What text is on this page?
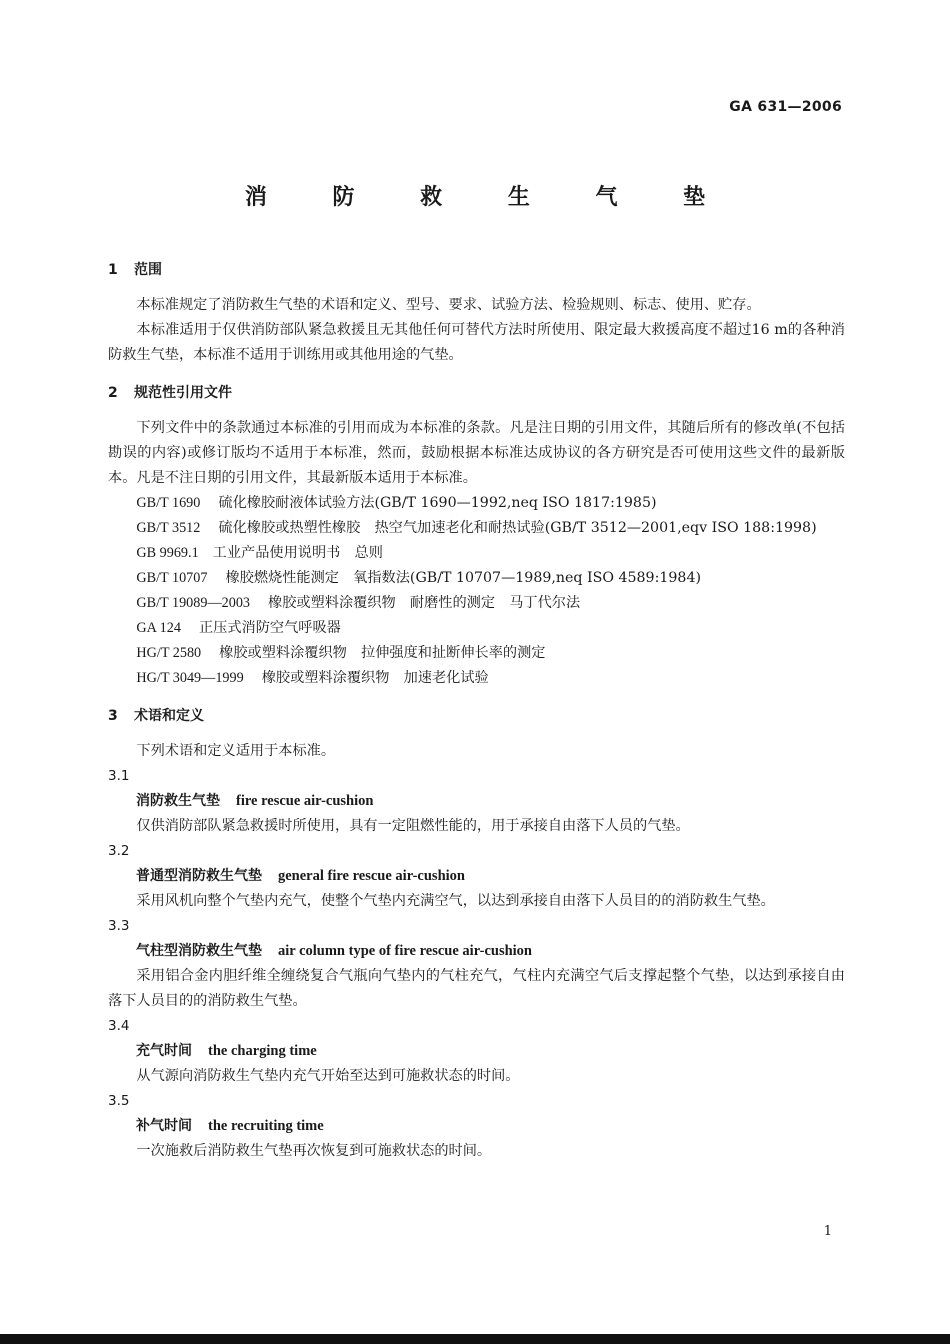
GA 631—2006
消 防 救 生 气 垫
1 范围

本标准规定了消防救生气垫的术语和定义、型号、要求、试验方法、检验规则、标志、使用、贮存。

本标准适用于仅供消防部队紧急救援且无其他任何可替代方法时所使用、限定最大救援高度不超过16 m的各种消防救生气垫，本标准不适用于训练用或其他用途的气垫。

2 规范性引用文件

下列文件中的条款通过本标准的引用而成为本标准的条款。凡是注日期的引用文件，其随后所有的修改单(不包括勘误的内容)或修订版均不适用于本标准，然而，鼓励根据本标准达成协议的各方研究是否可使用这些文件的最新版本。凡是不注日期的引用文件，其最新版本适用于本标准。

GB/T 1690 硫化橡胶耐液体试验方法(GB/T 1690—1992,neq ISO 1817:1985)
GB/T 3512 硫化橡胶或热塑性橡胶　热空气加速老化和耐热试验(GB/T 3512—2001,eqv ISO 188:1998)
GB 9969.1 工业产品使用说明书　总则
GB/T 10707 橡胶燃烧性能测定　氧指数法(GB/T 10707—1989,neq ISO 4589:1984)
GB/T 19089—2003 橡胶或塑料涂覆织物　耐磨性的测定　马丁代尔法
GA 124 正压式消防空气呼吸器
HG/T 2580 橡胶或塑料涂覆织物　拉伸强度和扯断伸长率的测定
HG/T 3049—1999 橡胶或塑料涂覆织物　加速老化试验
3 术语和定义

下列术语和定义适用于本标准。

3.1
消防救生气垫 fire rescue air-cushion

仅供消防部队紧急救援时所使用，具有一定阻燃性能的，用于承接自由落下人员的气垫。

3.2
普通型消防救生气垫 general fire rescue air-cushion

采用风机向整个气垫内充气，使整个气垫内充满空气，以达到承接自由落下人员目的的消防救生气垫。

3.3
气柱型消防救生气垫 air column type of fire rescue air-cushion

采用铝合金内胆纤维全缠绕复合气瓶向气垫内的气柱充气，气柱内充满空气后支撑起整个气垫，以达到承接自由落下人员目的的消防救生气垫。

3.4
充气时间 the charging time

从气源向消防救生气垫内充气开始至达到可施救状态的时间。

3.5
补气时间 the recruiting time

一次施救后消防救生气垫再次恢复到可施救状态的时间。

1
